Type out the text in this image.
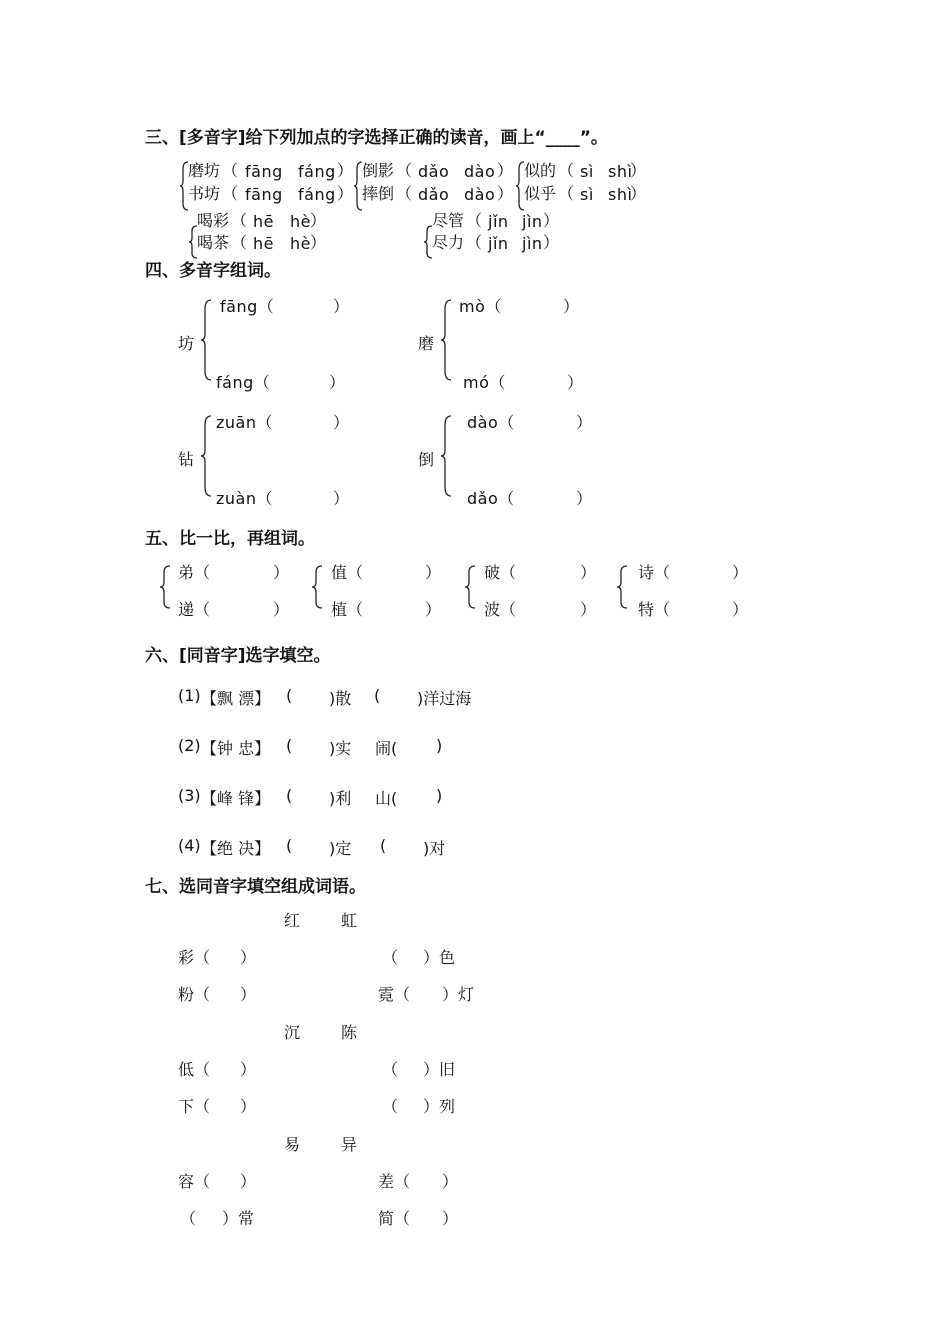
三、[多音字]给下列加点的字选择正确的读音，画上“____”。
磨坊 （ fāng fáng ）
书坊 （ fāng fáng ）
倒影 （ dǎo dào ）
摔倒 （ dǎo dào ）
似的 （ sì shì
）
似乎 （ sì shì
）
喝彩 （ hē hè ）
喝茶 （ hē hè ）
尽管 （ jǐn jìn ）
尽力 （ jǐn jìn ）
四、多音字组词。
坊
fāng（	）
fáng（	）
磨
mò（	）
mó（	）
钻
zuān（	）
zuàn（	）
倒
dào（	）
dǎo（	）
五、比一比，再组词。
弟（	）
递（	）
值（	）
植（	）
破（	）
波（	）
诗（	）
特（	）
六、[同音字]选字填空。
(1) 【飘 漂】 ( )散 ( )洋过海
(2) 【钟 忠】 ( )实 闹( )
(3) 【峰 锋】 ( )利 山( )
(4) 【绝 决】 ( )定 ( )对
七、选同音字填空组成词语。
红	虹
彩（ ）	（ ）色
粉（ ）	霓（ ）灯
沉	陈
低（ ）	（ ）旧
下（ ）	（ ）列
易	异
容（ ）	差（ ）
（ ）常	简（ ）
